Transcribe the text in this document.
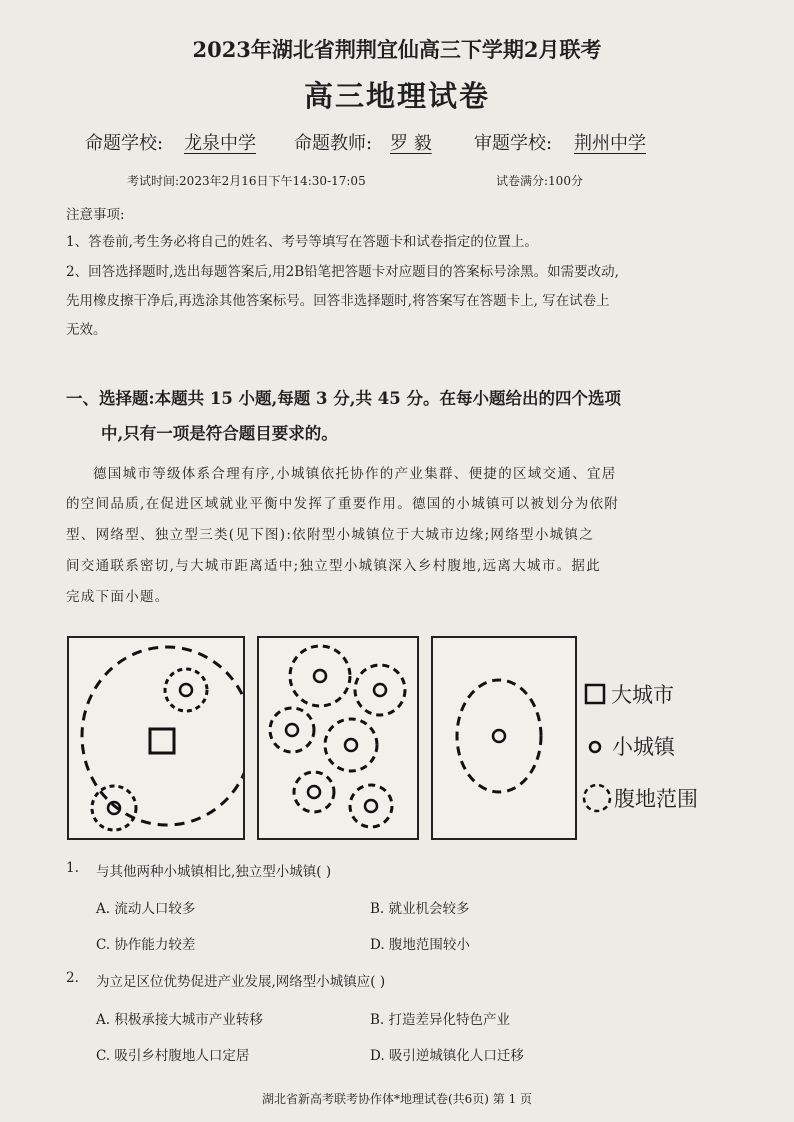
2023年湖北省荆荆宜仙高三下学期2月联考
高三地理试卷
命题学校: 龙泉中学 命题教师: 罗 毅 审题学校: 荆州中学
考试时间:2023年2月16日下午14:30-17:05	试卷满分:100分
注意事项:
1、答卷前,考生务必将自己的姓名、考号等填写在答题卡和试卷指定的位置上。
2、回答选择题时,选出每题答案后,用2B铅笔把答题卡对应题目的答案标号涂黑。如需要改动,
先用橡皮擦干净后,再选涂其他答案标号。回答非选择题时,将答案写在答题卡上, 写在试卷上
无效。
一、选择题:本题共 15 小题,每题 3 分,共 45 分。在每小题给出的四个选项
中,只有一项是符合题目要求的。
德国城市等级体系合理有序,小城镇依托协作的产业集群、便捷的区域交通、宜居
的空间品质,在促进区域就业平衡中发挥了重要作用。德国的小城镇可以被划分为依附
型、网络型、独立型三类(见下图):依附型小城镇位于大城市边缘;网络型小城镇之
间交通联系密切,与大城市距离适中;独立型小城镇深入乡村腹地,远离大城市。据此
完成下面小题。
大城市
小城镇
腹地范围
1. 与其他两种小城镇相比,独立型小城镇( )
A. 流动人口较多	B. 就业机会较多
C. 协作能力较差	D. 腹地范围较小
2. 为立足区位优势促进产业发展,网络型小城镇应( )
A. 积极承接大城市产业转移	B. 打造差异化特色产业
C. 吸引乡村腹地人口定居	D. 吸引逆城镇化人口迁移
湖北省新高考联考协作体*地理试卷(共6页) 第 1 页
